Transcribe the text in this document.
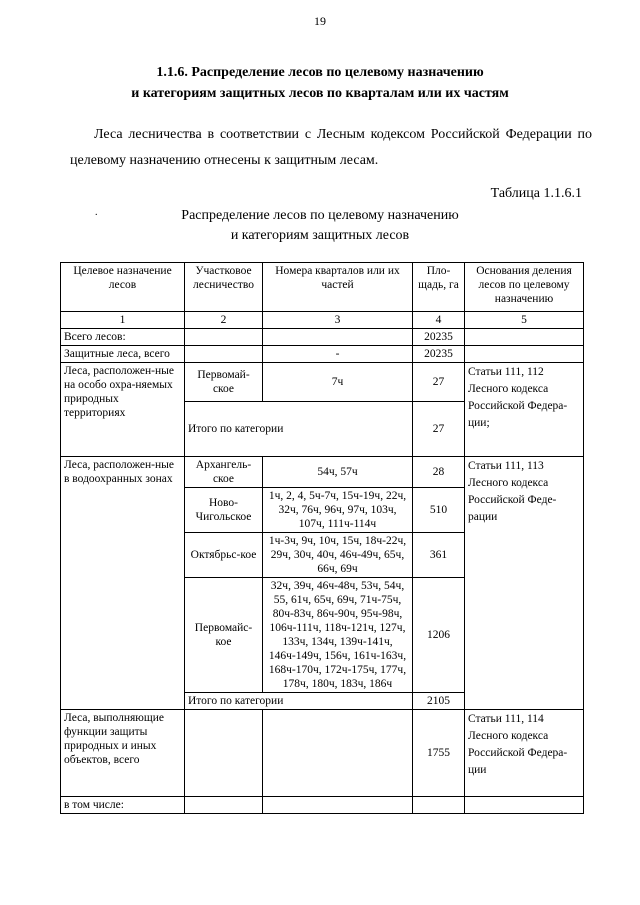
19
1.1.6. Распределение лесов по целевому назначению
и категориям защитных лесов по кварталам или их частям
Леса лесничества в соответствии с Лесным кодексом Российской Федерации по целевому назначению отнесены к защитным лесам.
Таблица 1.1.6.1
.	Распределение лесов по целевому назначению
и категориям защитных лесов
Целевое назначение лесов	Участковое лесничество	Номера кварталов или их частей	Пло-щадь, га	Основания деления лесов по целевому назначению
1	2	3	4	5
Всего лесов:			20235	
Защитные леса, всего		-	20235	
Леса, расположен-ные на особо охра-няемых природных территориях	Первомай-ское	7ч	27	Статьи 111, 112 Лесного кодекса Российской Федера-ции;
	Итого по категории		27	
Леса, расположен-ные в водоохранных зонах	Архангель-ское	54ч, 57ч	28	Статьи 111, 113 Лесного кодекса Российской Феде-рации
	Ново-Чигольское	1ч, 2, 4, 5ч-7ч, 15ч-19ч, 22ч, 32ч, 76ч, 96ч, 97ч, 103ч, 107ч, 111ч-114ч	510	
	Октябрьс-кое	1ч-3ч, 9ч, 10ч, 15ч, 18ч-22ч, 29ч, 30ч, 40ч, 46ч-49ч, 65ч, 66ч, 69ч	361	
	Первомайс-кое	32ч, 39ч, 46ч-48ч, 53ч, 54ч, 55, 61ч, 65ч, 69ч, 71ч-75ч, 80ч-83ч, 86ч-90ч, 95ч-98ч, 106ч-111ч, 118ч-121ч, 127ч, 133ч, 134ч, 139ч-141ч, 146ч-149ч, 156ч, 161ч-163ч, 168ч-170ч, 172ч-175ч, 177ч, 178ч, 180ч, 183ч, 186ч	1206	
	Итого по категории		2105	
Леса, выполняющие функции защиты природных и иных объектов, всего			1755	Статьи 111, 114 Лесного кодекса Российской Федера-ции
в том числе:				
